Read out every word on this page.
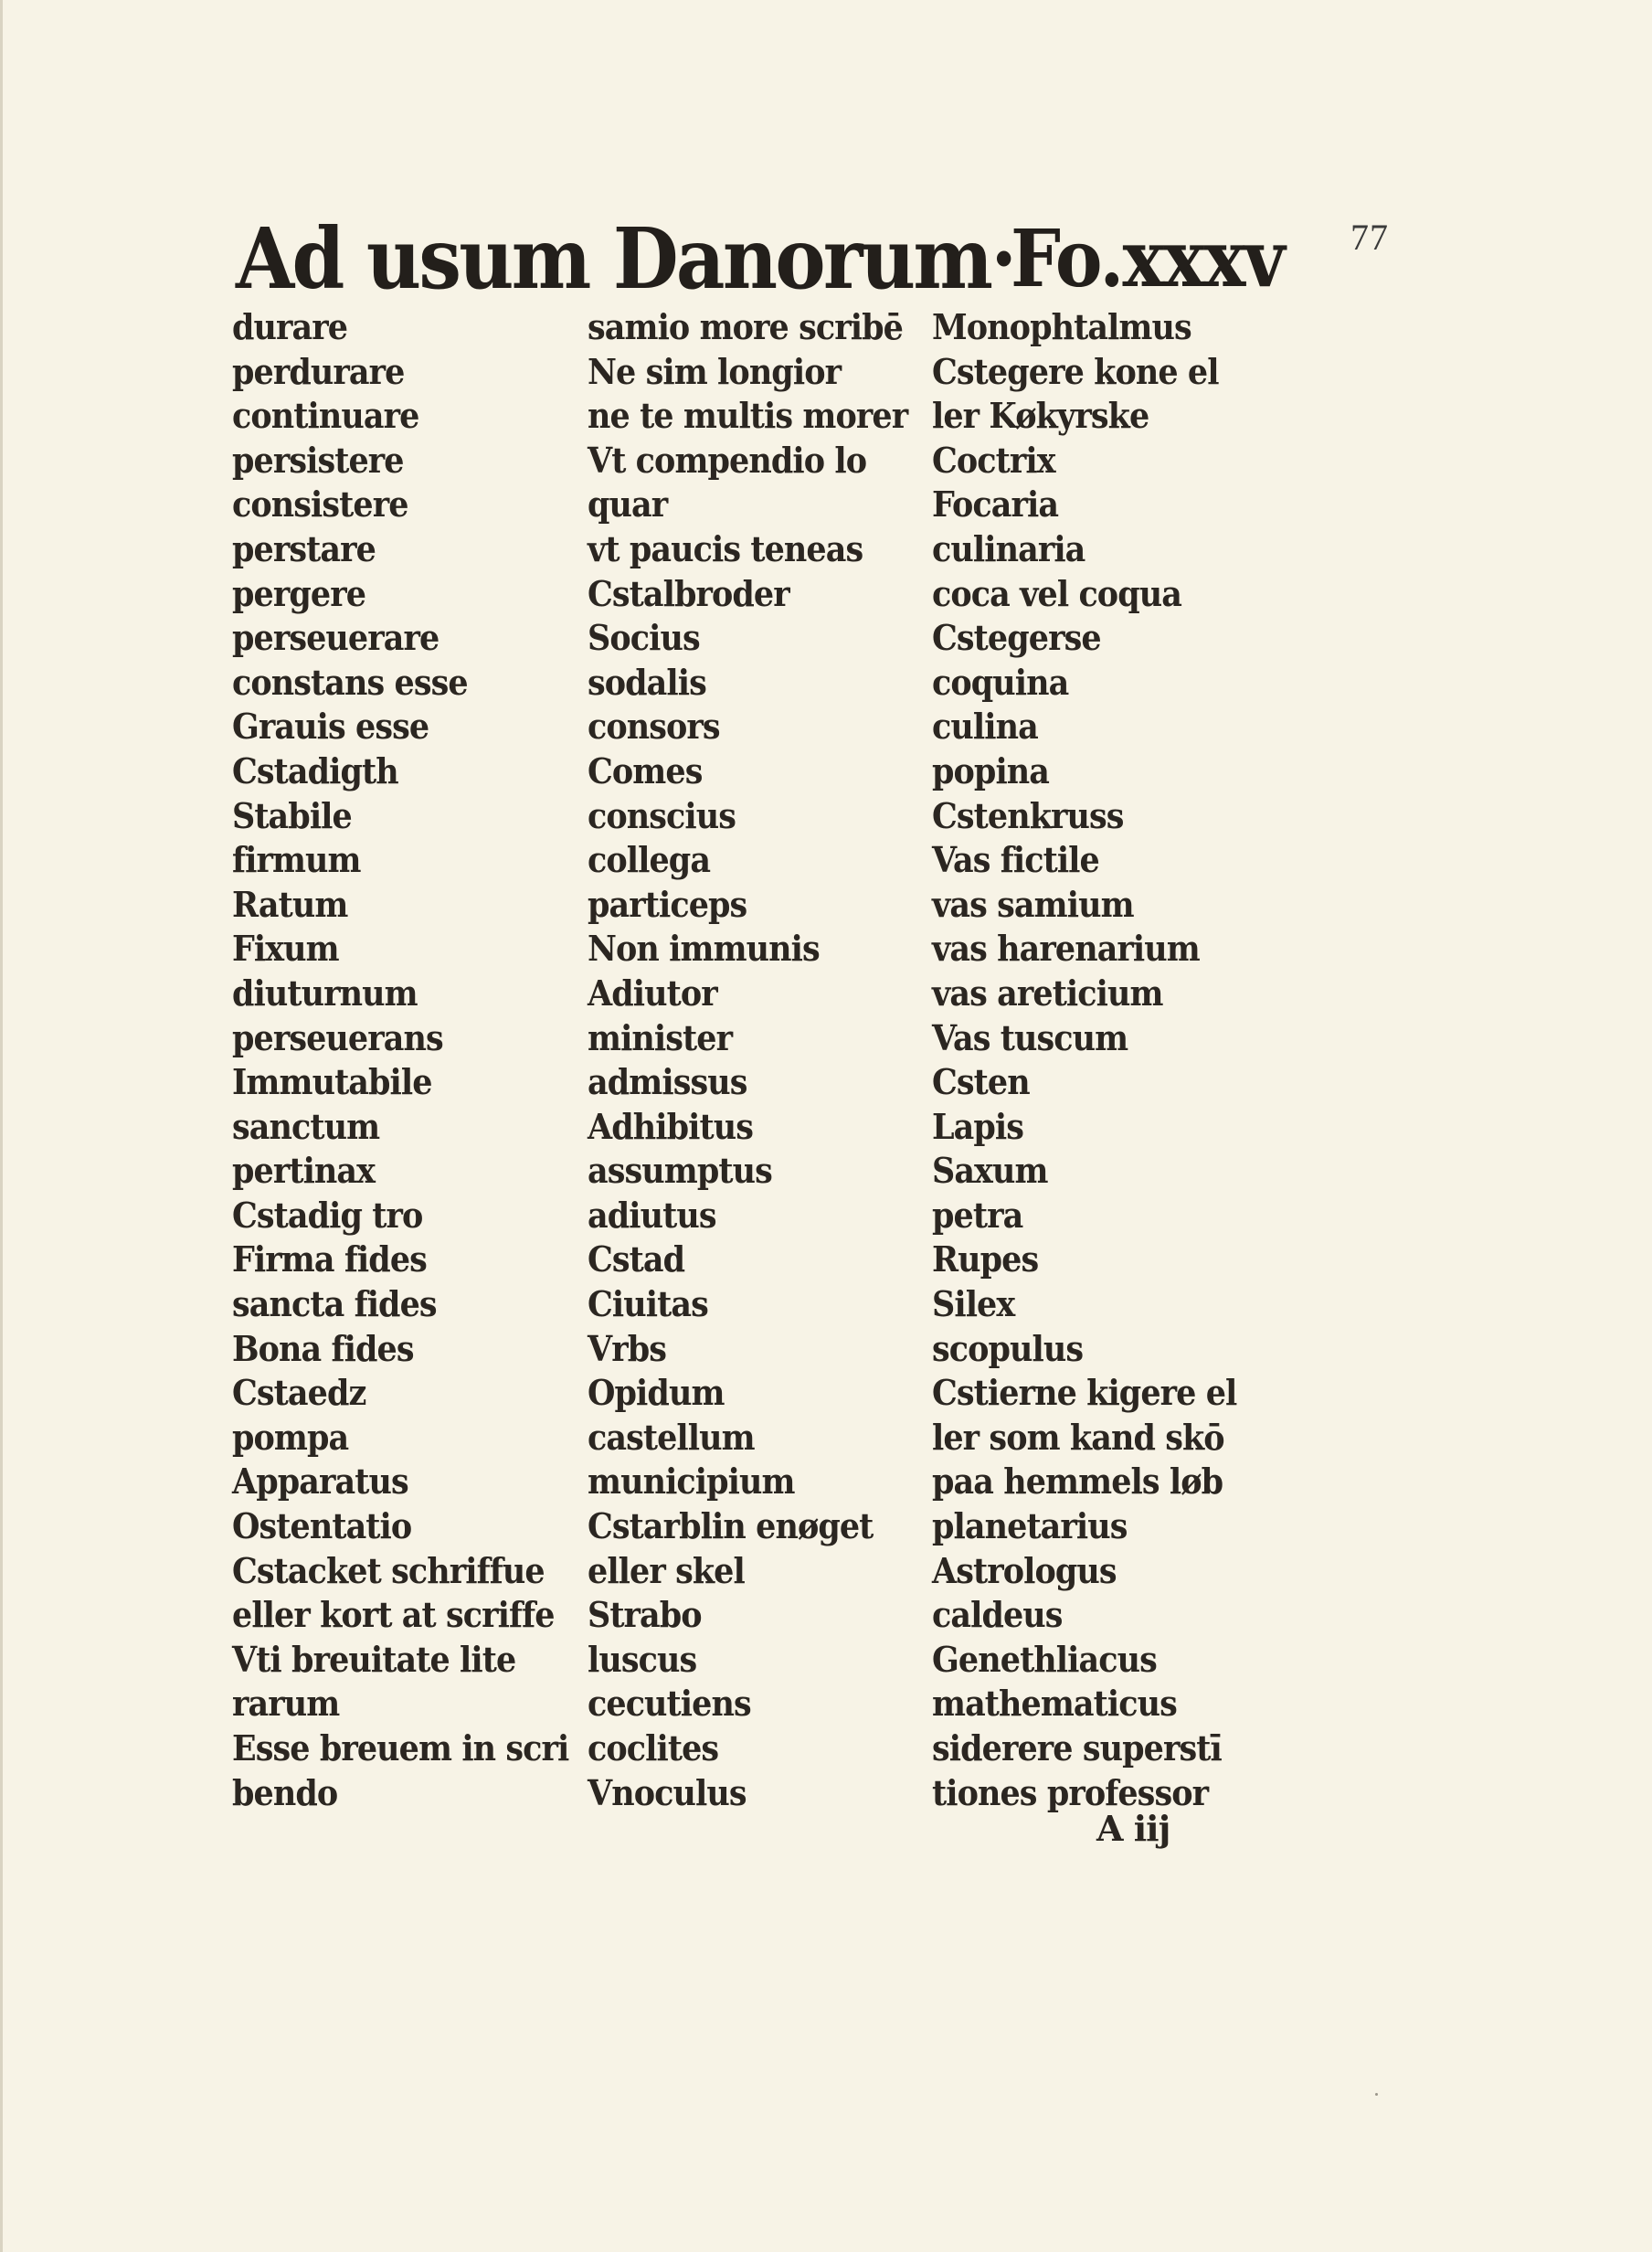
77
Ad usum Danorum·
Fo.xxxv
durare
perdurare
continuare
persistere
consistere
perstare
pergere
perseuerare
constans esse
Grauis esse
Cstadigth
Stabile
firmum
Ratum
Fixum
diuturnum
perseuerans
Immutabile
sanctum
pertinax
Cstadig tro
Firma fides
sancta fides
Bona fides
Cstaedz
pompa
Apparatus
Ostentatio
Cstacket schriffue
eller kort at scriffe
Vti breuitate lite
rarum
Esse breuem in scri
bendo
samio more scribē
Ne sim longior
ne te multis morer
Vt compendio lo
quar
vt paucis teneas
Cstalbroder
Socius
sodalis
consors
Comes
conscius
collega
particeps
Non immunis
Adiutor
minister
admissus
Adhibitus
assumptus
adiutus
Cstad
Ciuitas
Vrbs
Opidum
castellum
municipium
Cstarblin enøget
eller skel
Strabo
luscus
cecutiens
coclites
Vnoculus
Monophtalmus
Cstegere kone el
ler Køkyrske
Coctrix
Focaria
culinaria
coca vel coqua
Cstegerse
coquina
culina
popina
Cstenkruss
Vas fictile
vas samium
vas harenarium
vas areticium
Vas tuscum
Csten
Lapis
Saxum
petra
Rupes
Silex
scopulus
Cstierne kigere el
ler som kand skō
paa hemmels løb
planetarius
Astrologus
caldeus
Genethliacus
mathematicus
siderere superstī
tiones professor
A iij
